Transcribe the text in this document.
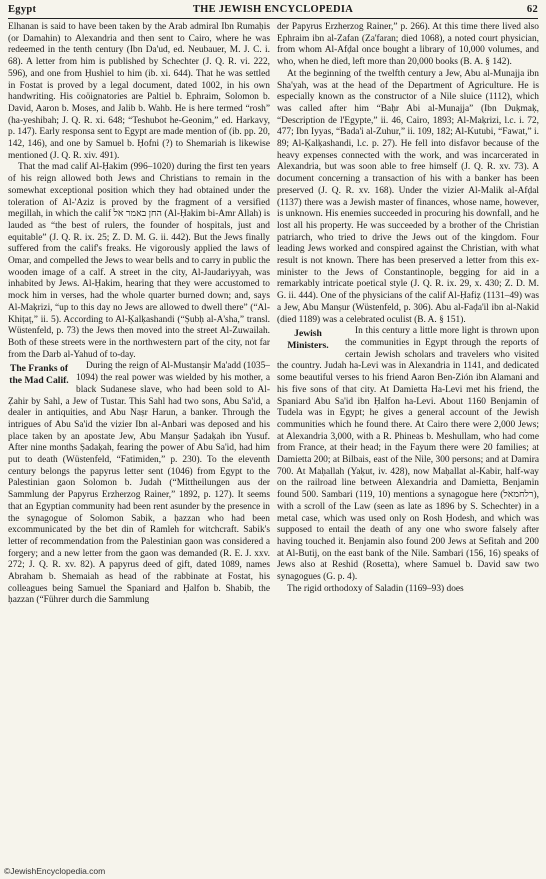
Egypt	THE JEWISH ENCYCLOPEDIA	62

Elhanan is said to have been taken by the Arab admiral Ibn Rumaḥis (or Damahin) to Alexandria and then sent to Cairo, where he was redeemed in the tenth century (Ibn Da'ud, ed. Neubauer, M. J. C. i. 68). A letter from him is published by Schechter (J. Q. R. vi. 222, 596), and one from Ḥushiel to him (ib. xi. 644). That he was settled in Fostat is proved by a legal document, dated 1002, in his own handwriting. His coöignatories are Paltiel b. Ephraim, Solomon b. David, Aaron b. Moses, and Jalib b. Wahb. He is here termed “rosh” (ha-yeshibah; J. Q. R. xi. 648; “Teshubot he-Geonim,” ed. Harkavy, p. 147). Early responsa sent to Egypt are made mention of (ib. pp. 20, 142, 146), and one by Samuel b. Ḥofni (?) to Shemariah is likewise mentioned (J. Q. R. xiv. 491).

That the mad calif Al-Ḥakim (996–1020) during the first ten years of his reign allowed both Jews and Christians to remain in the somewhat exceptional position which they had obtained under the toleration of Al-'Aziz is proved by the fragment of a versified megillah, in which the calif החן באמר אל (Al-Ḥakim bi-Amr Allah) is lauded as “the best of rulers, the founder of hospitals, just and equitable” (J. Q. R. ix. 25; Z. D. M. G. ii. 442). But the Jews finally suffered from the calif's freaks. He vigorously applied the laws of Omar, and compelled the Jews to wear bells and to carry in public the wooden image of a calf. A street in the city, Al-Jaudariyyah, was inhabited by Jews. Al-Ḥakim, hearing that they were accustomed to mock him in verses, had the whole quarter burned down; and, says Al-Maḳrizi, “up to this day no Jews are allowed to dwell there” (“Al-Khiṭaṭ,” ii. 5). According to Al-Ḳalḳashandi (“Ṣubḥ al-A'sha,” transl. Wüstenfeld, p. 73) the Jews then moved into the street Al-Zuwailah. Both of these streets were in the northwestern part of the city, not far from the Darb al-Yahud of to-day.

The Franks of the Mad Calif.

During the reign of Al-Mustanṣir Ma'add (1035–1094) the real power was wielded by his mother, a black Sudanese slave, who had been sold to Al-Ẓahir by Sahl, a Jew of Tustar. This Sahl had two sons, Abu Sa'id, a dealer in antiquities, and Abu Naṣr Harun, a banker. Through the intrigues of Abu Sa'id the vizier Ibn al-Anbari was deposed and his place taken by an apostate Jew, Abu Manṣur Ṣadaḳah ibn Yusuf. After nine months Ṣadaḳah, fearing the power of Abu Sa'id, had him put to death (Wüstenfeld, “Fatimiden,” p. 230). To the eleventh century belongs the papyrus letter sent (1046) from Egypt to the Palestinian gaon Solomon b. Judah (“Mittheilungen aus der Sammlung der Papyrus Erzherzog Rainer,” 1892, p. 127). It seems that an Egyptian community had been rent asunder by the presence in the synagogue of Solomon Sabik, a ḥazzan who had been excommunicated by the bet din of Ramleh for witchcraft. Sabik's letter of recommendation from the Palestinian gaon was considered a forgery; and a new letter from the gaon was demanded (R. E. J. xxv. 272; J. Q. R. xv. 82). A papyrus deed of gift, dated 1089, names Abraham b. Shemaiah as head of the rabbinate at Fostat, his colleagues being Samuel the Spaniard and Ḥalfon b. Shabib, the ḥazzan (“Führer durch die Sammlung

der Papyrus Erzherzog Rainer,” p. 266). At this time there lived also Ephraim ibn al-Zafan (Za'faran; died 1068), a noted court physician, from whom Al-Afḍal once bought a library of 10,000 volumes, and who, when he died, left more than 20,000 books (B. A. § 142).

At the beginning of the twelfth century a Jew, Abu al-Munajja ibn Sha'yah, was at the head of the Department of Agriculture. He is especially known as the constructor of a Nile sluice (1112), which was called after him “Baḥr Abi al-Munajja” (Ibn Duḳmaḳ, “Description de l'Egypte,” ii. 46, Cairo, 1893; Al-Maḳrizi, l.c. i. 72, 477; Ibn Iyyas, “Bada'i al-Zuhur,” ii. 109, 182; Al-Kutubi, “Fawat,” i. 89; Al-Ḳalḳashandi, l.c. p. 27). He fell into disfavor because of the heavy expenses connected with the work, and was incarcerated in Alexandria, but was soon able to free himself (J. Q. R. xv. 73). A document concerning a transaction of his with a banker has been preserved (J. Q. R. xv. 168). Under the vizier Al-Malik al-Afḍal (1137) there was a Jewish master of finances, whose name, however, is unknown. His enemies succeeded in procuring his downfall, and he lost all his property. He was succeeded by a brother of the Christian patriarch, who tried to drive the Jews out of the kingdom. Four leading Jews worked and conspired against the Christian, with what result is not known. There has been preserved a letter from this ex-minister to the Jews of Constantinople, begging for aid in a remarkably intricate poetical style (J. Q. R. ix. 29, x. 430; Z. D. M. G. ii. 444). One of the physicians of the calif Al-Ḥafiẓ (1131–49) was a Jew, Abu Manṣur (Wüstenfeld, p. 306). Abu al-Faḍa'il ibn al-Nakid (died 1189) was a celebrated oculist (B. A. § 151).

Jewish Ministers.

In this century a little more light is thrown upon the communities in Egypt through the reports of certain Jewish scholars and travelers who visited the country. Judah ha-Levi was in Alexandria in 1141, and dedicated some beautiful verses to his friend Aaron Ben-Zión ibn Alamani and his five sons of that city. At Damietta Ha-Levi met his friend, the Spaniard Abu Sa'id ibn Ḥalfon ha-Levi. About 1160 Benjamin of Tudela was in Egypt; he gives a general account of the Jewish communities which he found there. At Cairo there were 2,000 Jews; at Alexandria 3,000, with a R. Phineas b. Meshullam, who had come from France, at their head; in the Fayum there were 20 families; at Damietta 200; at Bilbais, east of the Nile, 300 persons; and at Damira 700. At Maḥallah (Yaḳut, iv. 428), now Maḥallat al-Kabir, half-way on the railroad line between Alexandria and Damietta, Benjamin found 500. Sambari (119, 10) mentions a synagogue here (רלחמאל), with a scroll of the Law (seen as late as 1896 by S. Schechter) in a metal case, which was used only on Rosh Ḥodesh, and which was supposed to entail the death of any one who swore falsely after having touched it. Benjamin also found 200 Jews at Sefitah and 200 at Al-Butij, on the east bank of the Nile. Sambari (156, 16) speaks of Jews also at Reshid (Rosetta), where Samuel b. David saw two synagogues (G. p. 4).

The rigid orthodoxy of Saladin (1169–93) does

©JewishEncyclopedia.com
